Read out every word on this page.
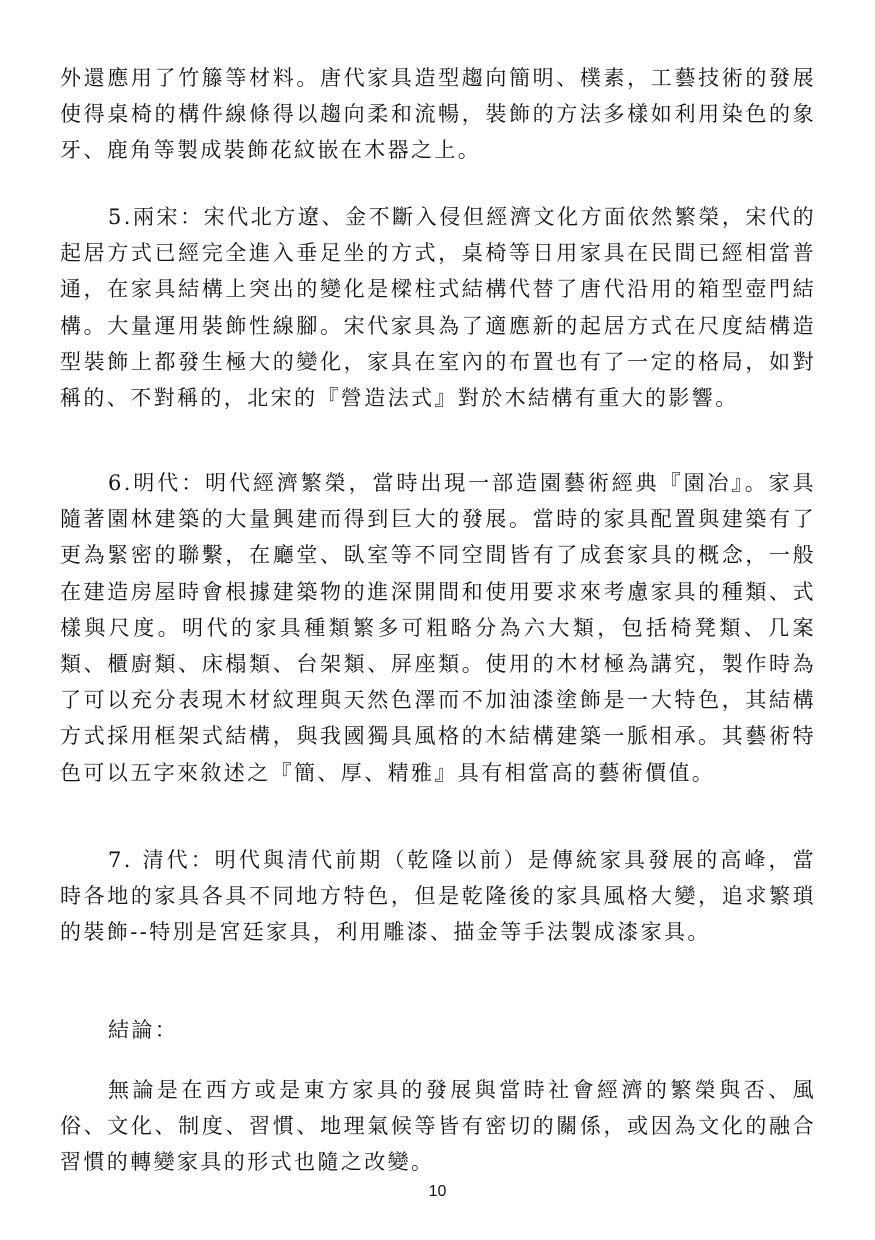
外還應用了竹籐等材料。唐代家具造型趨向簡明、樸素，工藝技術的發展使得桌椅的構件線條得以趨向柔和流暢，裝飾的方法多樣如利用染色的象牙、鹿角等製成裝飾花紋嵌在木器之上。

5.兩宋：宋代北方遼、金不斷入侵但經濟文化方面依然繁榮，宋代的起居方式已經完全進入垂足坐的方式，桌椅等日用家具在民間已經相當普通，在家具結構上突出的變化是樑柱式結構代替了唐代沿用的箱型壺門結構。大量運用裝飾性線腳。宋代家具為了適應新的起居方式在尺度結構造型裝飾上都發生極大的變化，家具在室內的布置也有了一定的格局，如對稱的、不對稱的，北宋的『營造法式』對於木結構有重大的影響。

6.明代：明代經濟繁榮，當時出現一部造園藝術經典『園冶』。家具隨著園林建築的大量興建而得到巨大的發展。當時的家具配置與建築有了更為緊密的聯繫，在廳堂、臥室等不同空間皆有了成套家具的概念，一般在建造房屋時會根據建築物的進深開間和使用要求來考慮家具的種類、式樣與尺度。明代的家具種類繁多可粗略分為六大類，包括椅凳類、几案類、櫃廚類、床榻類、台架類、屏座類。使用的木材極為講究，製作時為了可以充分表現木材紋理與天然色澤而不加油漆塗飾是一大特色，其結構方式採用框架式結構，與我國獨具風格的木結構建築一脈相承。其藝術特色可以五字來敘述之『簡、厚、精雅』具有相當高的藝術價值。

7. 清代：明代與清代前期（乾隆以前）是傳統家具發展的高峰，當時各地的家具各具不同地方特色，但是乾隆後的家具風格大變，追求繁瑣的裝飾--特別是宮廷家具，利用雕漆、描金等手法製成漆家具。

結論：

無論是在西方或是東方家具的發展與當時社會經濟的繁榮與否、風俗、文化、制度、習慣、地理氣候等皆有密切的關係，或因為文化的融合習慣的轉變家具的形式也隨之改變。

10
